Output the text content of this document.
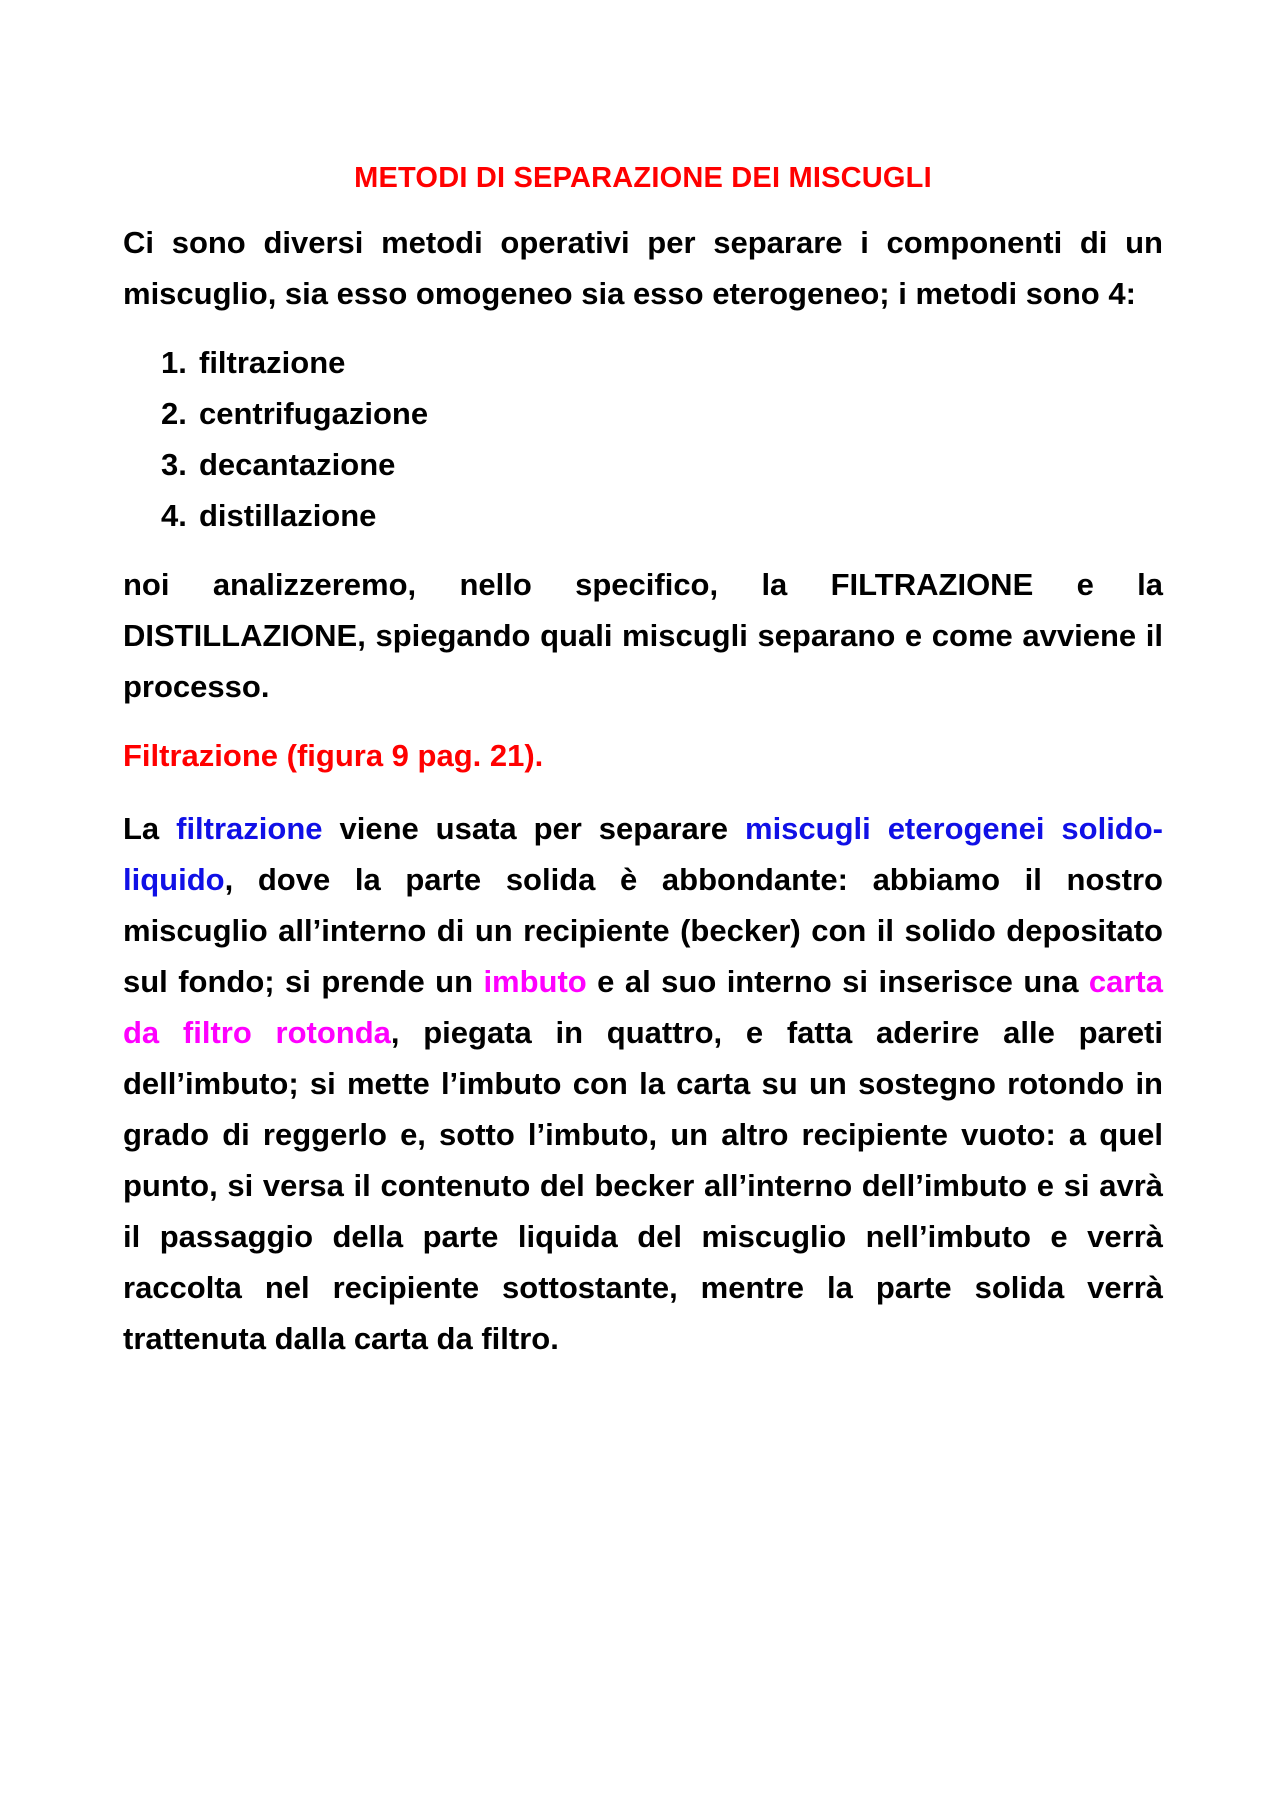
METODI DI SEPARAZIONE DEI MISCUGLI

Ci sono diversi metodi operativi per separare i componenti di un miscuglio, sia esso omogeneo sia esso eterogeneo; i metodi sono 4:

1. filtrazione
2. centrifugazione
3. decantazione
4. distillazione

noi analizzeremo, nello specifico, la FILTRAZIONE e la DISTILLAZIONE, spiegando quali miscugli separano e come avviene il processo.

Filtrazione (figura 9 pag. 21).

La filtrazione viene usata per separare miscugli eterogenei solido-liquido, dove la parte solida è abbondante: abbiamo il nostro miscuglio all’interno di un recipiente (becker) con il solido depositato sul fondo; si prende un imbuto e al suo interno si inserisce una carta da filtro rotonda, piegata in quattro, e fatta aderire alle pareti dell’imbuto; si mette l’imbuto con la carta su un sostegno rotondo in grado di reggerlo e, sotto l’imbuto, un altro recipiente vuoto: a quel punto, si versa il contenuto del becker all’interno dell’imbuto e si avrà il passaggio della parte liquida del miscuglio nell’imbuto e verrà raccolta nel recipiente sottostante, mentre la parte solida verrà trattenuta dalla carta da filtro.
